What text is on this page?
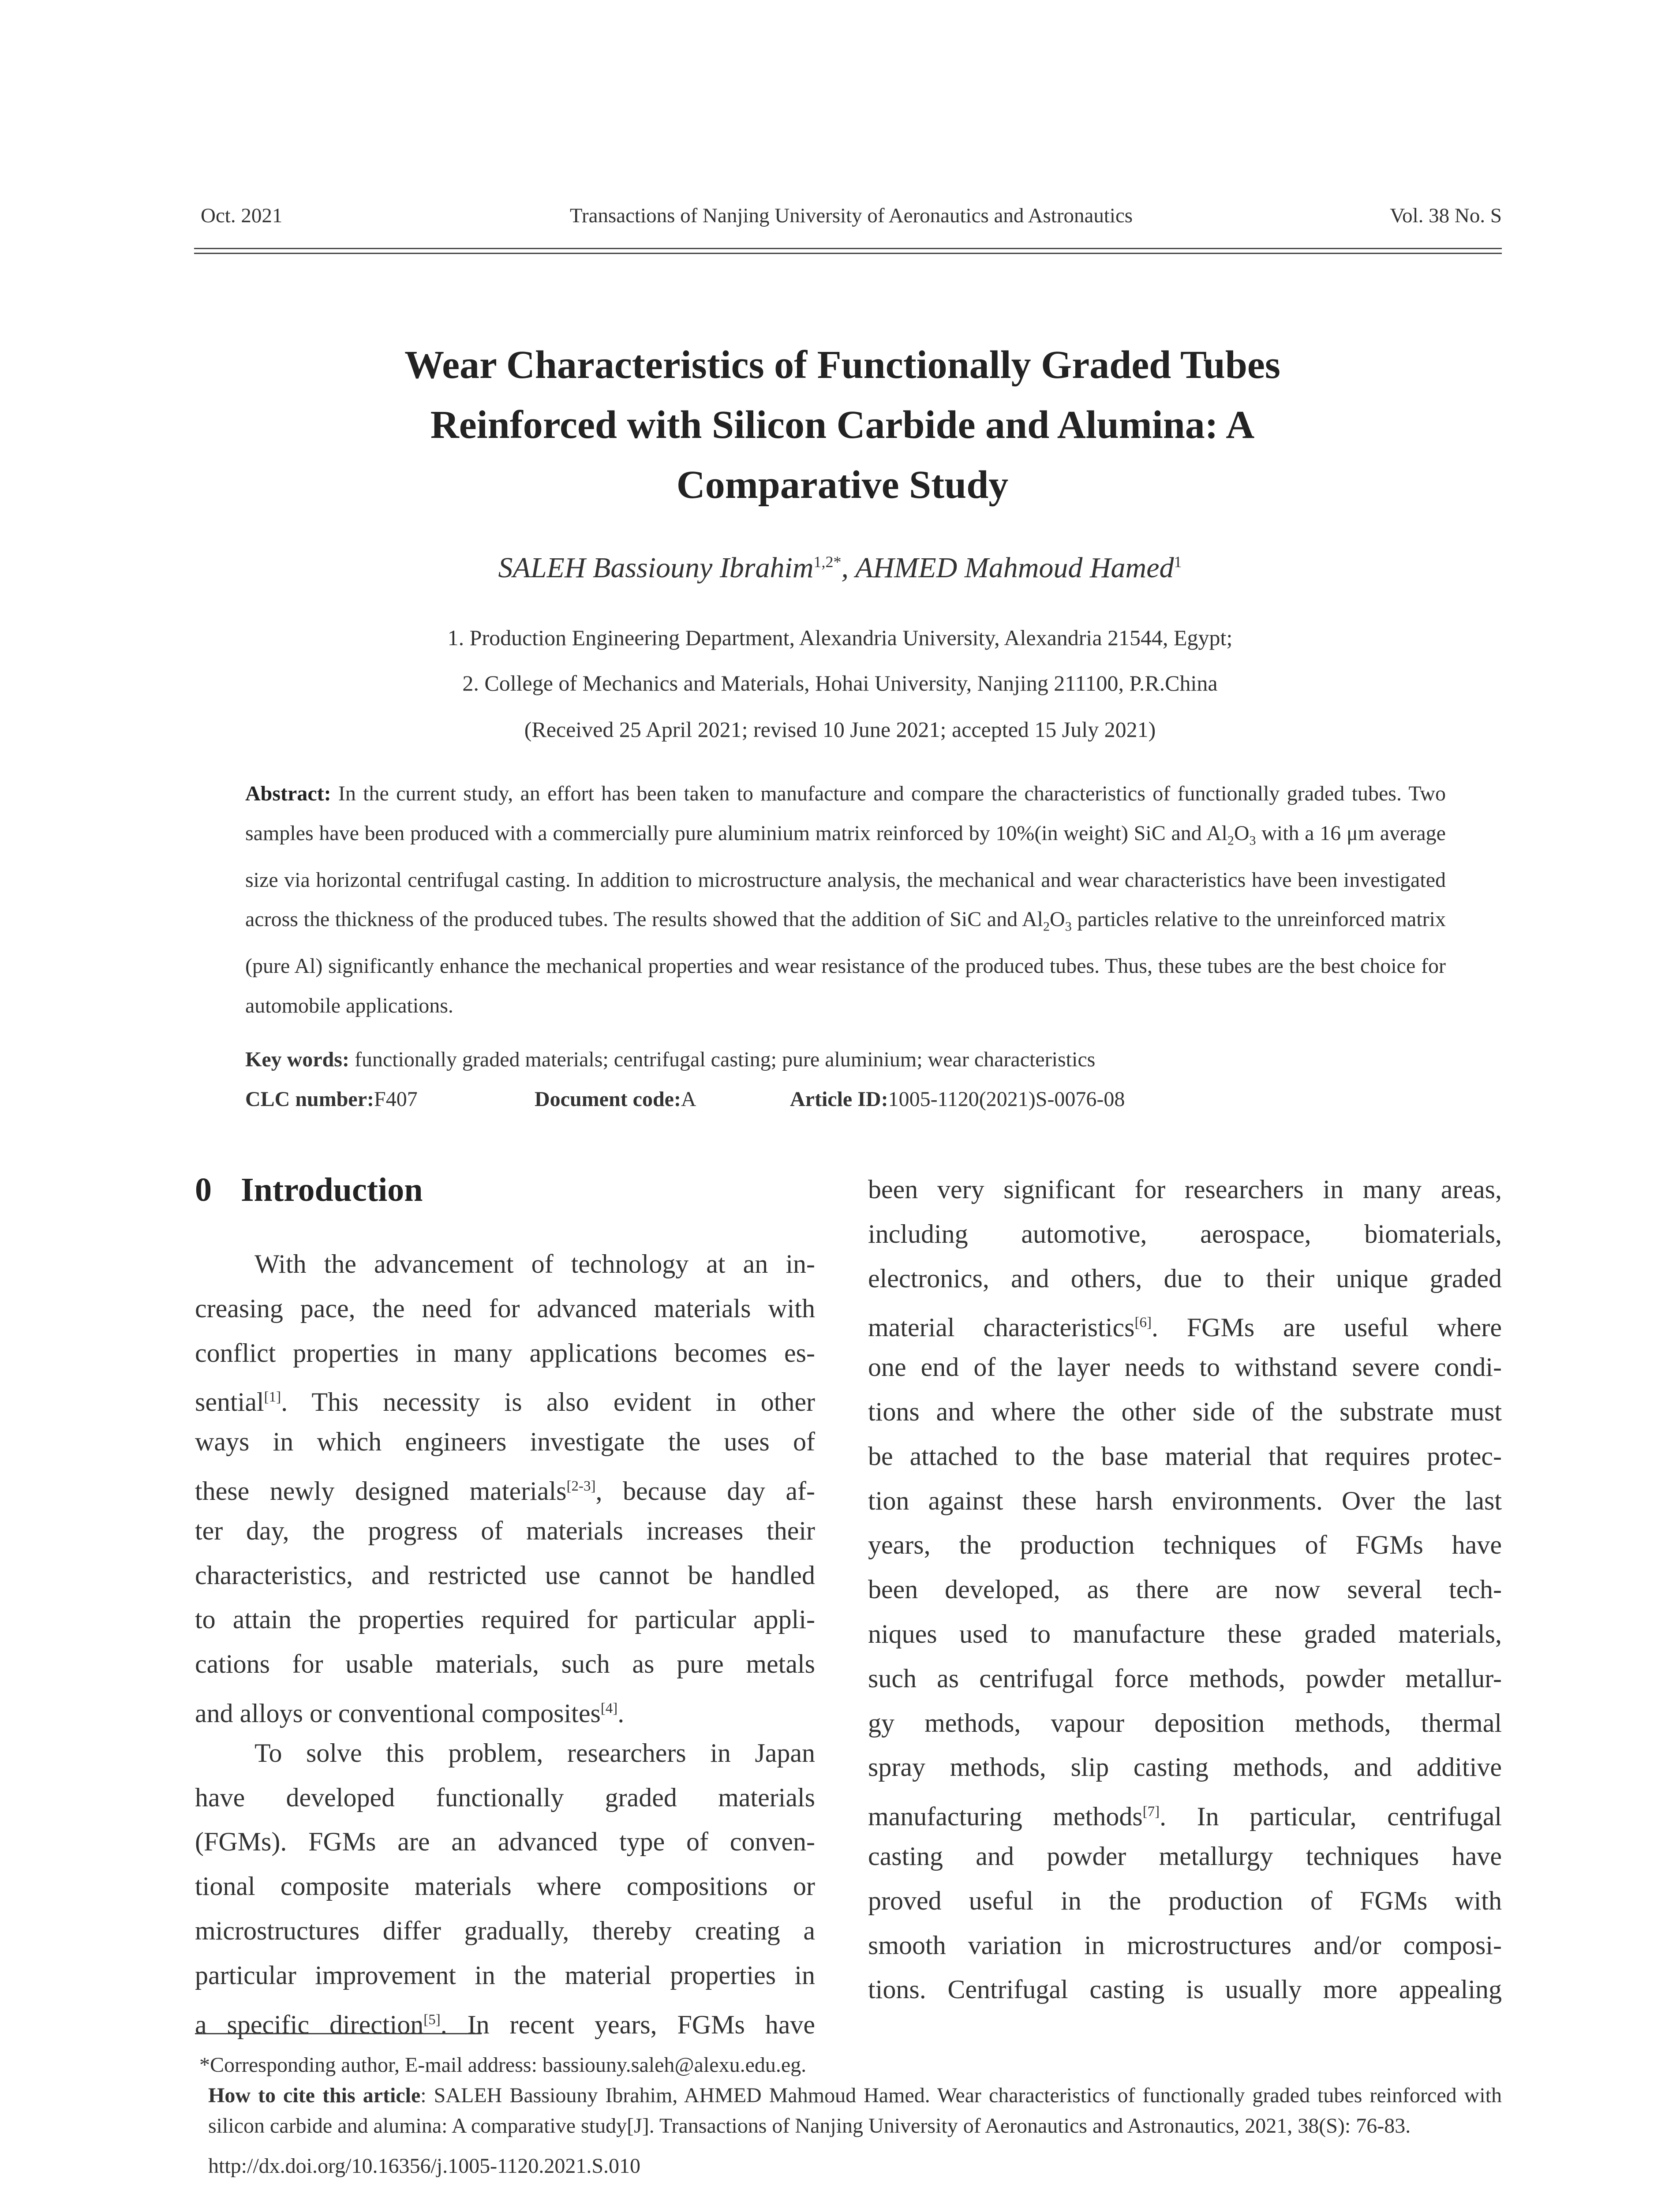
Transactions of Nanjing University of Aeronautics and Astronautics
Oct. 2021	Vol. 38 No. S
Wear Characteristics of Functionally Graded Tubes
Reinforced with Silicon Carbide and Alumina: A
Comparative Study
SALEH Bassiouny Ibrahim$^{1,2*}$, AHMED Mahmoud Hamed$^1$
1. Production Engineering Department, Alexandria University, Alexandria 21544, Egypt;
2. College of Mechanics and Materials, Hohai University, Nanjing 211100, P.R.China
(Received 25 April 2021; revised 10 June 2021; accepted 15 July 2021)
Abstract: In the current study, an effort has been taken to manufacture and compare the characteristics of functionally graded tubes. Two samples have been produced with a commercially pure aluminium matrix reinforced by 10%(in weight) SiC and $Al_2O_3$ with a 16 μm average size via horizontal centrifugal casting. In addition to microstructure analysis, the mechanical and wear characteristics have been investigated across the thickness of the produced tubes. The results showed that the addition of SiC and $Al_2O_3$ particles relative to the unreinforced matrix (pure Al) significantly enhance the mechanical properties and wear resistance of the produced tubes. Thus, these tubes are the best choice for automobile applications.
Key words: functionally graded materials; centrifugal casting; pure aluminium; wear characteristics
CLC number: F407	Document code: A	Article ID: 1005-1120(2021)S-0076-08
0 Introduction
With the advancement of technology at an in-
creasing pace, the need for advanced materials with
conflict properties in many applications becomes es-
sential[1]. This necessity is also evident in other
ways in which engineers investigate the uses of
these newly designed materials[2-3], because day af-
ter day, the progress of materials increases their
characteristics, and restricted use cannot be handled
to attain the properties required for particular appli-
cations for usable materials, such as pure metals
and alloys or conventional composites[4].
To solve this problem, researchers in Japan
have developed functionally graded materials
(FGMs). FGMs are an advanced type of conven-
tional composite materials where compositions or
microstructures differ gradually, thereby creating a
particular improvement in the material properties in
a specific direction[5]. In recent years, FGMs have
been very significant for researchers in many areas,
including automotive, aerospace, biomaterials,
electronics, and others, due to their unique graded
material characteristics[6]. FGMs are useful where
one end of the layer needs to withstand severe condi-
tions and where the other side of the substrate must
be attached to the base material that requires protec-
tion against these harsh environments. Over the last
years, the production techniques of FGMs have
been developed, as there are now several tech-
niques used to manufacture these graded materials,
such as centrifugal force methods, powder metallur-
gy methods, vapour deposition methods, thermal
spray methods, slip casting methods, and additive
manufacturing methods[7]. In particular, centrifugal
casting and powder metallurgy techniques have
proved useful in the production of FGMs with
smooth variation in microstructures and/or composi-
tions. Centrifugal casting is usually more appealing
*Corresponding author, E-mail address: bassiouny.saleh@alexu.edu.eg.
How to cite this article: SALEH Bassiouny Ibrahim, AHMED Mahmoud Hamed. Wear characteristics of functionally graded tubes reinforced with silicon carbide and alumina: A comparative study[J]. Transactions of Nanjing University of Aeronautics and Astronautics, 2021, 38(S): 76-83.
http://dx.doi.org/10.16356/j.1005-1120.2021.S.010
